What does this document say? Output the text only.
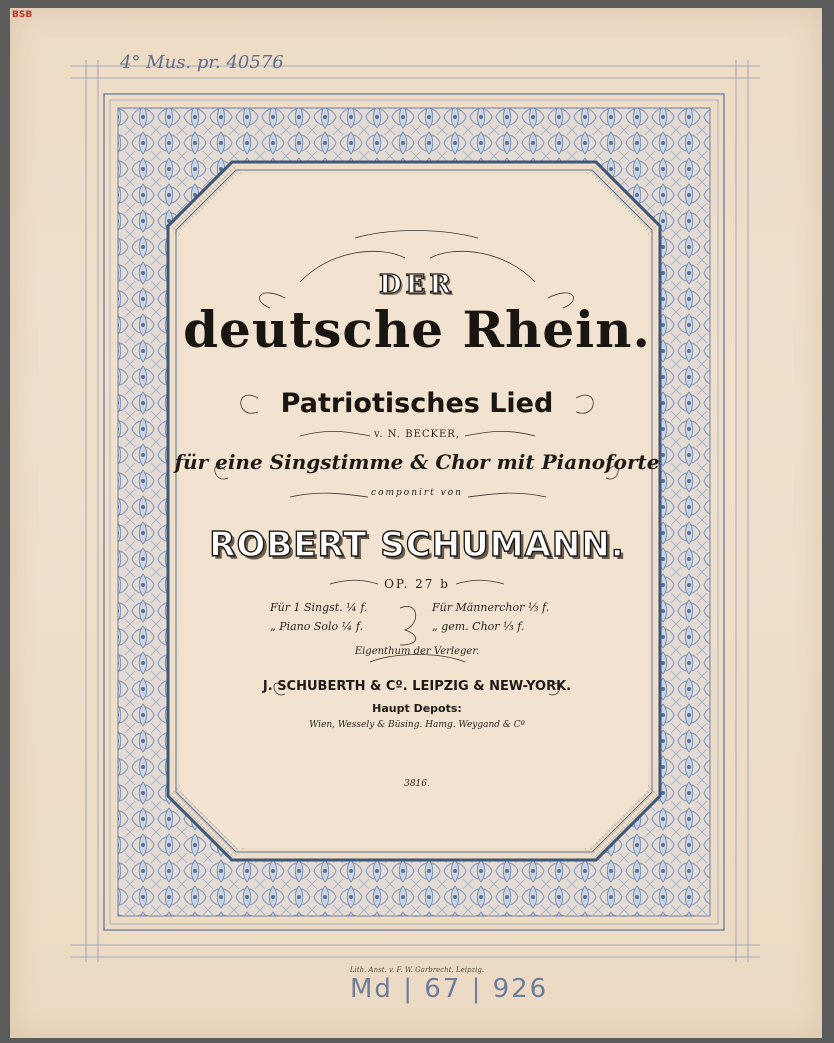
BSB
4° Mus. pr. 40576
DER
deutsche Rhein.
Patriotisches Lied
v. N. BECKER,
für eine Singstimme & Chor mit Pianoforte
componirt von
ROBERT SCHUMANN.
OP. 27 b
Für 1 Singst. ¼ f.	Für Männerchor ⅓ f.
„ Piano Solo ¼ f.	„ gem. Chor ⅓ f.
Eigenthum der Verleger.
J. SCHUBERTH & Cº. LEIPZIG & NEW-YORK.
Haupt Depots:
Wien, Wessely & Büsing. Hamg. Weygand & Cº
3816.
Lith. Anst. v. F. W. Garbrecht, Leipzig.
Md | 67 | 926
